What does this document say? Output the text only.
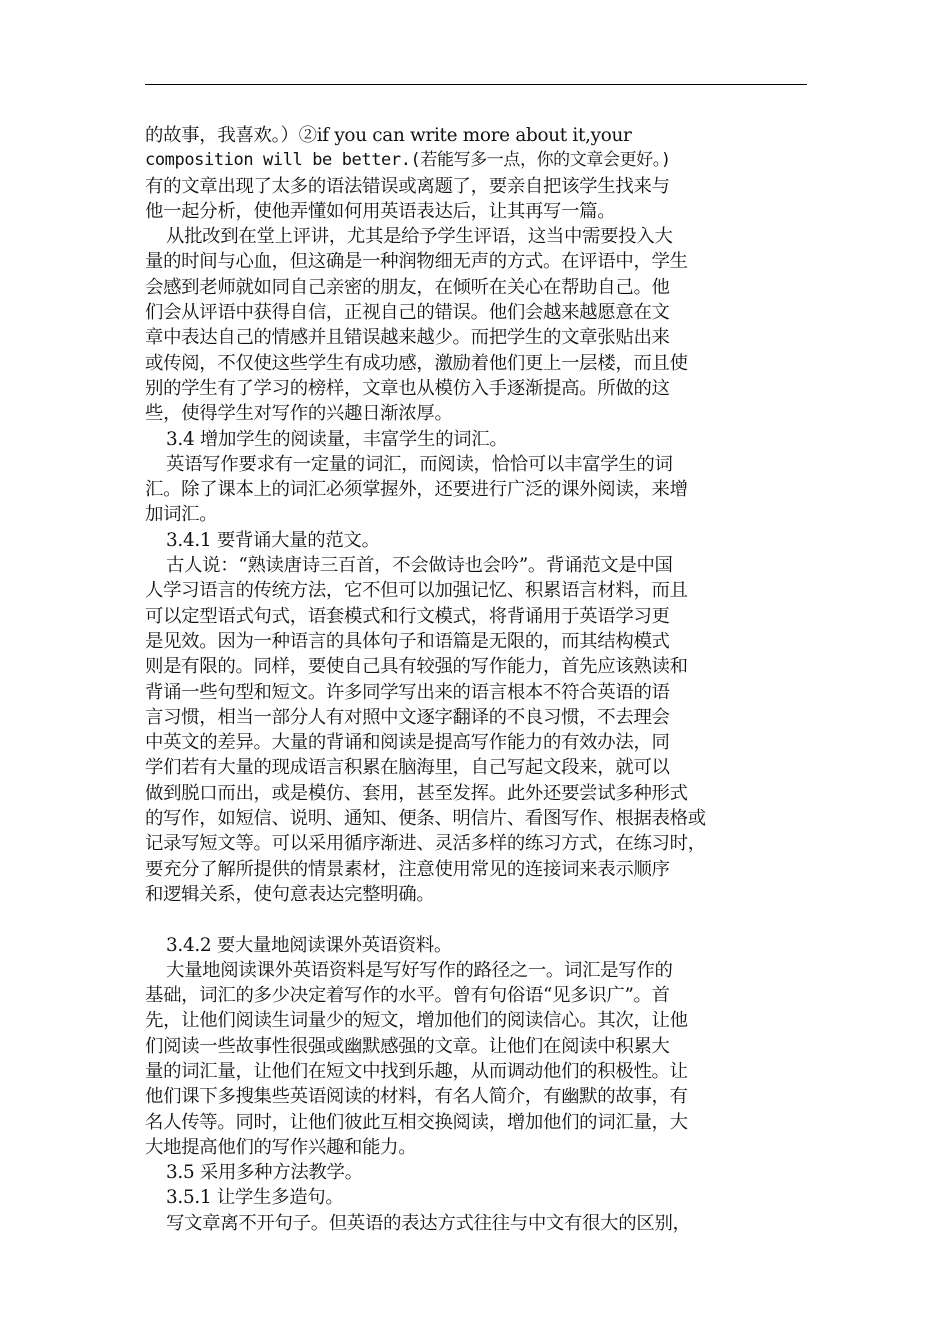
的故事，我喜欢。）②if you can write more about it,your
composition will be better.(若能写多一点，你的文章会更好。)
有的文章出现了太多的语法错误或离题了，要亲自把该学生找来与
他一起分析，使他弄懂如何用英语表达后，让其再写一篇。
从批改到在堂上评讲，尤其是给予学生评语，这当中需要投入大
量的时间与心血，但这确是一种润物细无声的方式。在评语中，学生
会感到老师就如同自己亲密的朋友，在倾听在关心在帮助自己。他
们会从评语中获得自信，正视自己的错误。他们会越来越愿意在文
章中表达自己的情感并且错误越来越少。而把学生的文章张贴出来
或传阅，不仅使这些学生有成功感，激励着他们更上一层楼，而且使
别的学生有了学习的榜样，文章也从模仿入手逐渐提高。所做的这
些，使得学生对写作的兴趣日渐浓厚。
3.4 增加学生的阅读量，丰富学生的词汇。
英语写作要求有一定量的词汇，而阅读，恰恰可以丰富学生的词
汇。除了课本上的词汇必须掌握外，还要进行广泛的课外阅读，来增
加词汇。
3.4.1 要背诵大量的范文。
古人说：“熟读唐诗三百首，不会做诗也会吟”。背诵范文是中国
人学习语言的传统方法，它不但可以加强记忆、积累语言材料，而且
可以定型语式句式，语套模式和行文模式，将背诵用于英语学习更
是见效。因为一种语言的具体句子和语篇是无限的，而其结构模式
则是有限的。同样，要使自己具有较强的写作能力，首先应该熟读和
背诵一些句型和短文。许多同学写出来的语言根本不符合英语的语
言习惯，相当一部分人有对照中文逐字翻译的不良习惯，不去理会
中英文的差异。大量的背诵和阅读是提高写作能力的有效办法，同
学们若有大量的现成语言积累在脑海里，自己写起文段来，就可以
做到脱口而出，或是模仿、套用，甚至发挥。此外还要尝试多种形式
的写作，如短信、说明、通知、便条、明信片、看图写作、根据表格或
记录写短文等。可以采用循序渐进、灵活多样的练习方式，在练习时，
要充分了解所提供的情景素材，注意使用常见的连接词来表示顺序
和逻辑关系，使句意表达完整明确。
3.4.2 要大量地阅读课外英语资料。
大量地阅读课外英语资料是写好写作的路径之一。词汇是写作的
基础，词汇的多少决定着写作的水平。曾有句俗语“见多识广”。首
先，让他们阅读生词量少的短文，增加他们的阅读信心。其次，让他
们阅读一些故事性很强或幽默感强的文章。让他们在阅读中积累大
量的词汇量，让他们在短文中找到乐趣，从而调动他们的积极性。让
他们课下多搜集些英语阅读的材料，有名人简介，有幽默的故事，有
名人传等。同时，让他们彼此互相交换阅读，增加他们的词汇量，大
大地提高他们的写作兴趣和能力。
3.5 采用多种方法教学。
3.5.1 让学生多造句。
写文章离不开句子。但英语的表达方式往往与中文有很大的区别，
